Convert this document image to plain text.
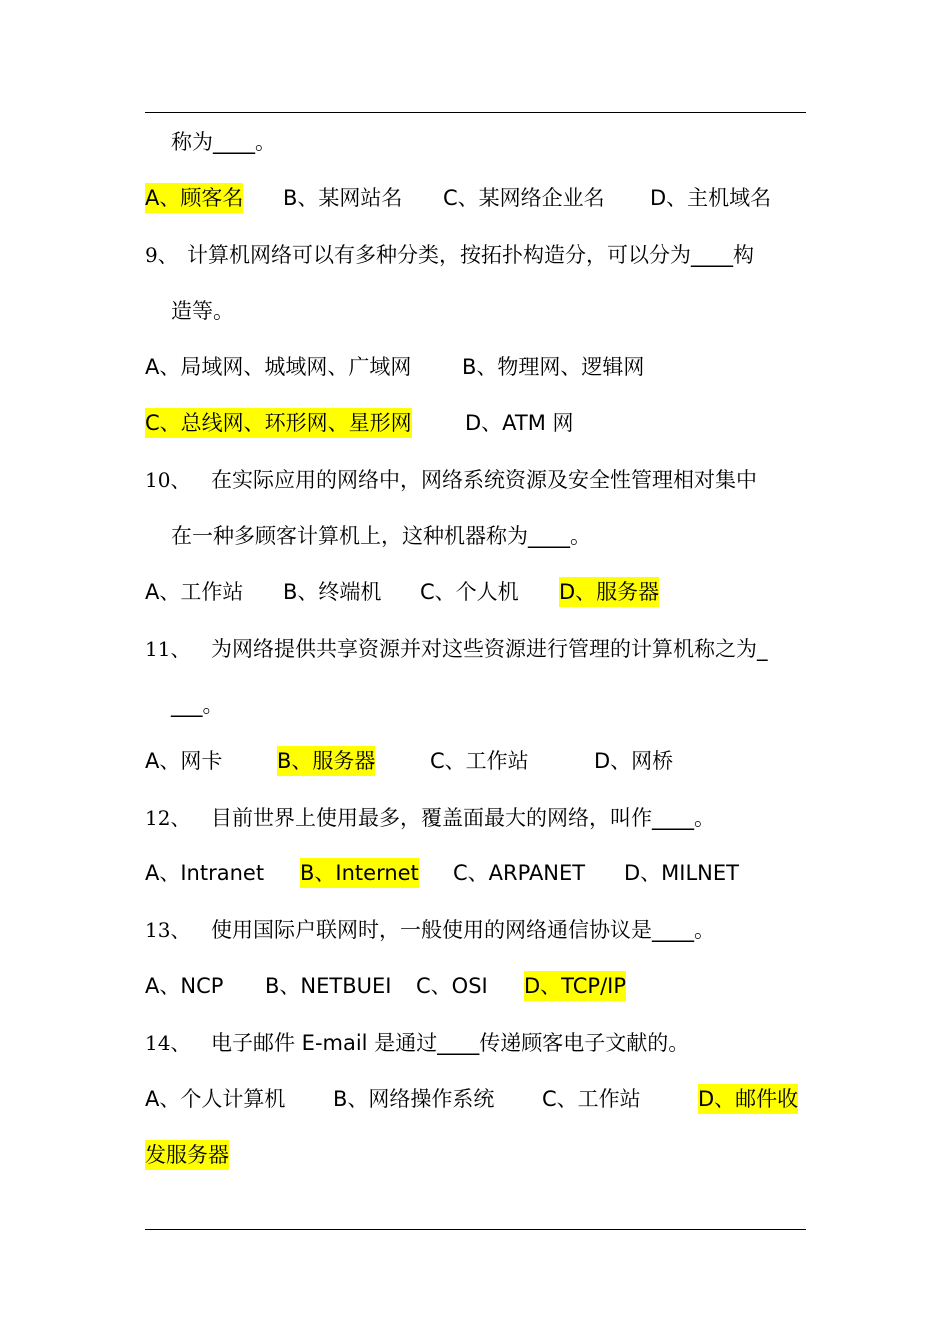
称为____。
A、顾客名 B、某网站名 C、某网络企业名 D、主机域名
9、 计算机网络可以有多种分类，按拓扑构造分，可以分为____构
造等。
A、局域网、城域网、广域网 B、物理网、逻辑网
C、总线网、环形网、星形网	D、ATM 网
10、 在实际应用的网络中，网络系统资源及安全性管理相对集中
在一种多顾客计算机上，这种机器称为____。
A、工作站 B、终端机 C、个人机 D、服务器
11、 为网络提供共享资源并对这些资源进行管理的计算机称之为_
___。
A、网卡	B、服务器	C、工作站	D、网桥
12、 目前世界上使用最多，覆盖面最大的网络，叫作____。
A、Intranet B、Internet C、ARPANET D、MILNET
13、 使用国际户联网时，一般使用的网络通信协议是____。
A、NCP B、NETBUEI C、OSI D、TCP/IP
14、 电子邮件 E-mail 是通过____传递顾客电子文献的。
A、个人计算机 B、网络操作系统 C、工作站	D、邮件收
发服务器
